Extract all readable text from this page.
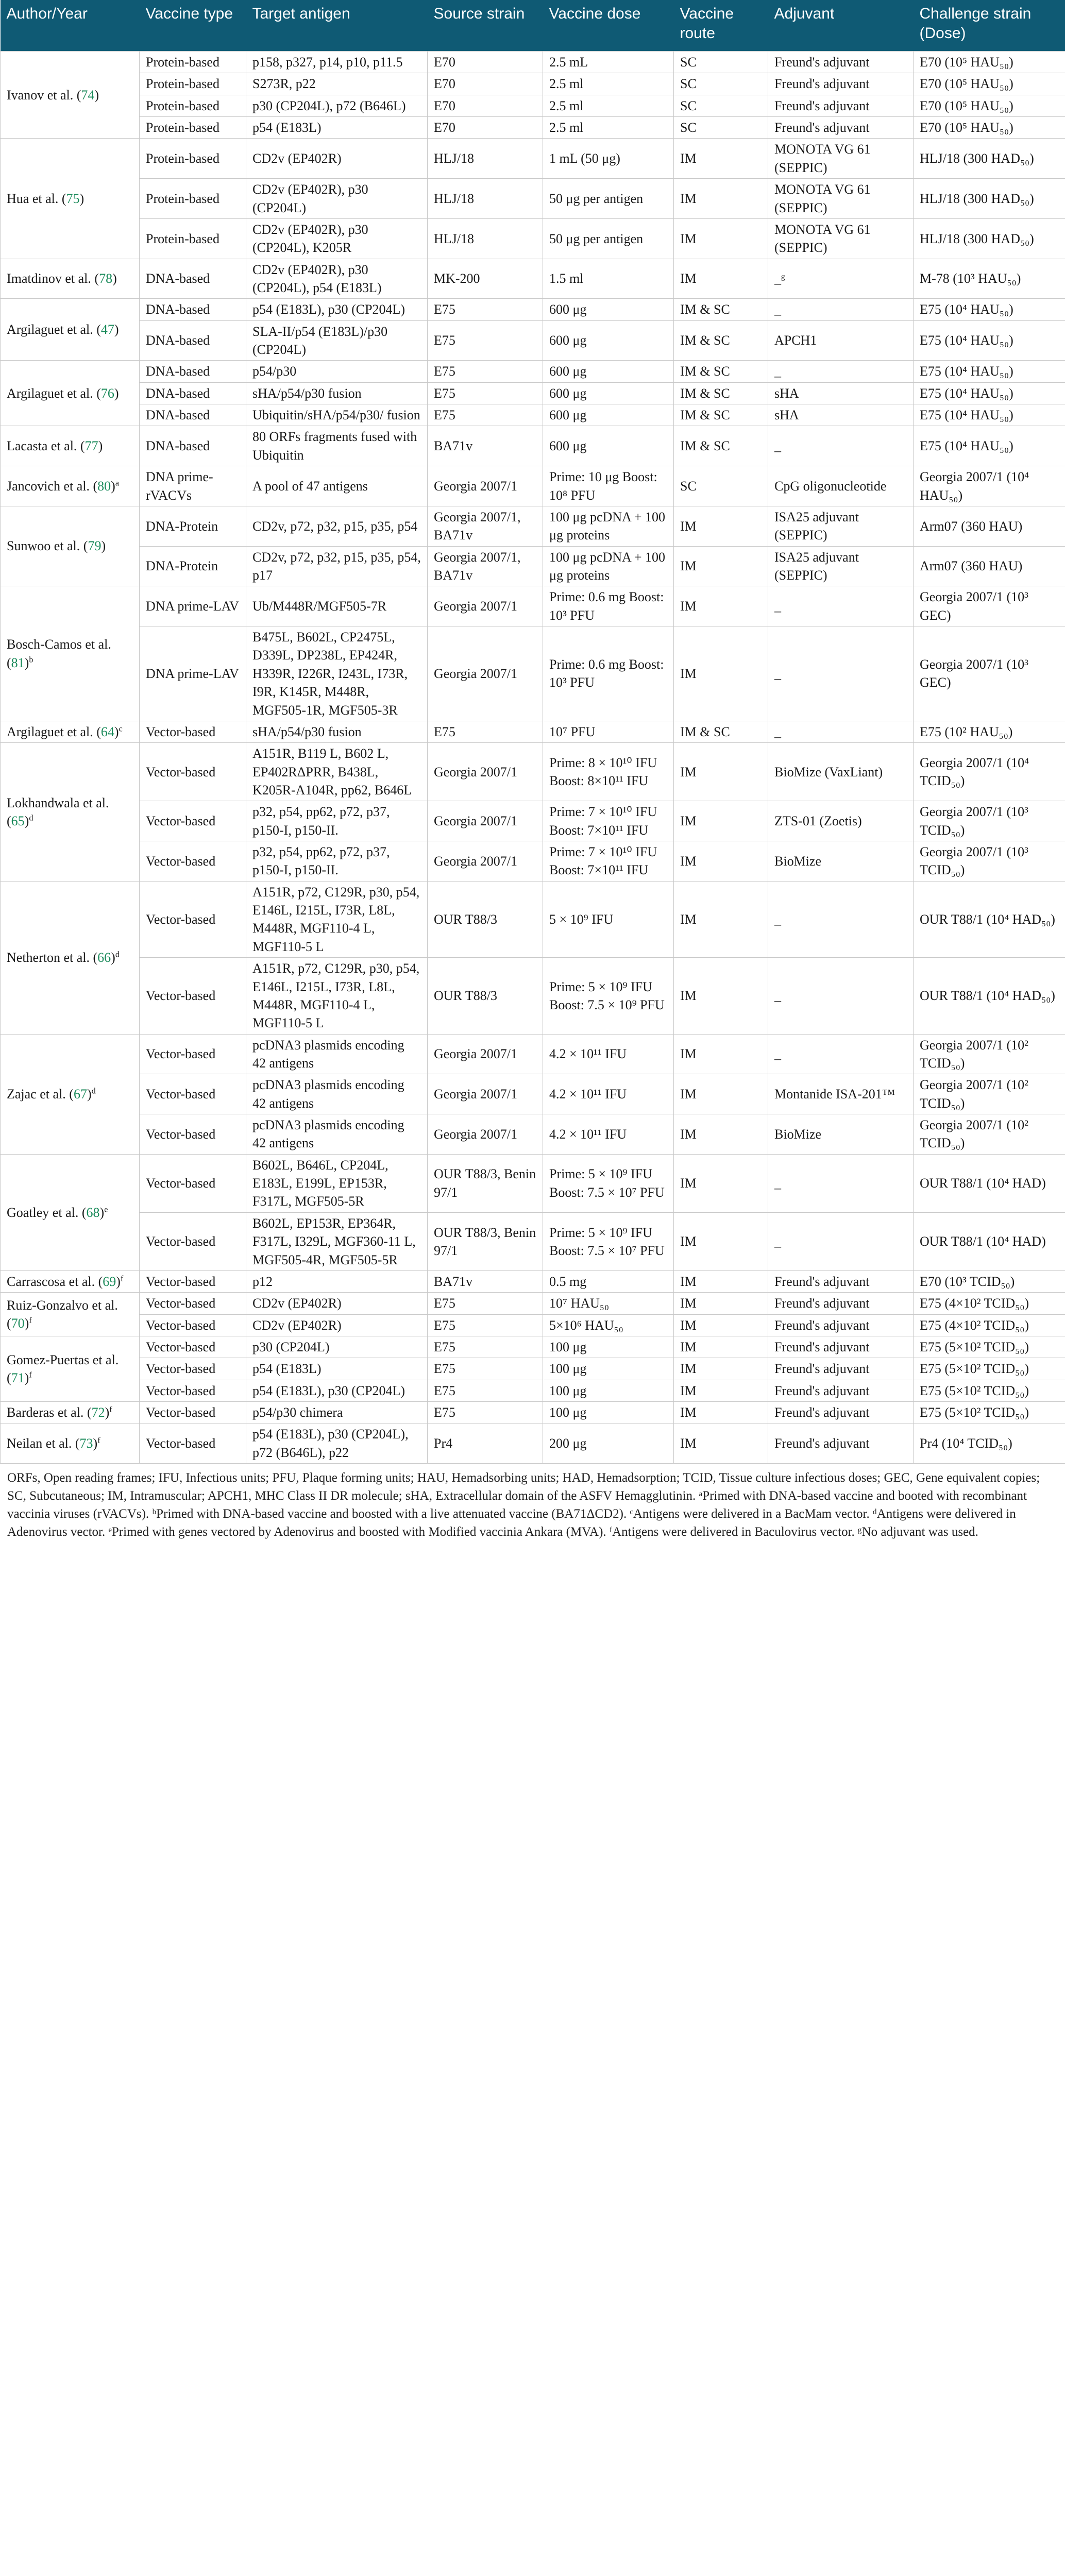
Author/Year	Vaccine type	Target antigen	Source strain	Vaccine dose	Vaccine route	Adjuvant	Challenge strain (Dose)
Ivanov et al. (74)	Protein-based	p158, p327, p14, p10, p11.5	E70	2.5 mL	SC	Freund's adjuvant	E70 (10⁵ HAU₅₀)
	Protein-based	S273R, p22	E70	2.5 ml	SC	Freund's adjuvant	E70 (10⁵ HAU₅₀)
	Protein-based	p30 (CP204L), p72 (B646L)	E70	2.5 ml	SC	Freund's adjuvant	E70 (10⁵ HAU₅₀)
	Protein-based	p54 (E183L)	E70	2.5 ml	SC	Freund's adjuvant	E70 (10⁵ HAU₅₀)
Hua et al. (75)	Protein-based	CD2v (EP402R)	HLJ/18	1 mL (50 μg)	IM	MONOTA VG 61 (SEPPIC)	HLJ/18 (300 HAD₅₀)
	Protein-based	CD2v (EP402R), p30 (CP204L)	HLJ/18	50 μg per antigen	IM	MONOTA VG 61 (SEPPIC)	HLJ/18 (300 HAD₅₀)
	Protein-based	CD2v (EP402R), p30 (CP204L), K205R	HLJ/18	50 μg per antigen	IM	MONOTA VG 61 (SEPPIC)	HLJ/18 (300 HAD₅₀)
Imatdinov et al. (78)	DNA-based	CD2v (EP402R), p30 (CP204L), p54 (E183L)	MK-200	1.5 ml	IM	_ᵍ	M-78 (10³ HAU₅₀)
Argilaguet et al. (47)	DNA-based	p54 (E183L), p30 (CP204L)	E75	600 μg	IM & SC	_	E75 (10⁴ HAU₅₀)
	DNA-based	SLA-II/p54 (E183L)/p30 (CP204L)	E75	600 μg	IM & SC	APCH1	E75 (10⁴ HAU₅₀)
Argilaguet et al. (76)	DNA-based	p54/p30	E75	600 μg	IM & SC	_	E75 (10⁴ HAU₅₀)
	DNA-based	sHA/p54/p30 fusion	E75	600 μg	IM & SC	sHA	E75 (10⁴ HAU₅₀)
	DNA-based	Ubiquitin/sHA/p54/p30/ fusion	E75	600 μg	IM & SC	sHA	E75 (10⁴ HAU₅₀)
Lacasta et al. (77)	DNA-based	80 ORFs fragments fused with Ubiquitin	BA71v	600 μg	IM & SC	_	E75 (10⁴ HAU₅₀)
Jancovich et al. $(80)^a$	DNA prime-rVACVs	A pool of 47 antigens	Georgia 2007/1	Prime: 10 μg Boost: 10⁸ PFU	SC	CpG oligonucleotide	Georgia 2007/1 (10⁴ HAU₅₀)
Sunwoo et al. (79)	DNA-Protein	CD2v, p72, p32, p15, p35, p54	Georgia 2007/1, BA71v	100 μg pcDNA + 100 μg proteins	IM	ISA25 adjuvant (SEPPIC)	Arm07 (360 HAU)
	DNA-Protein	CD2v, p72, p32, p15, p35, p54, p17	Georgia 2007/1, BA71v	100 μg pcDNA + 100 μg proteins	IM	ISA25 adjuvant (SEPPIC)	Arm07 (360 HAU)
Bosch-Camos et al. $(81)^b$	DNA prime-LAV	Ub/M448R/MGF505-7R	Georgia 2007/1	Prime: 0.6 mg Boost: 10³ PFU	IM	_	Georgia 2007/1 (10³ GEC)
	DNA prime-LAV	B475L, B602L, CP2475L, D339L, DP238L, EP424R, H339R, I226R, I243L, I73R, I9R, K145R, M448R, MGF505-1R, MGF505-3R	Georgia 2007/1	Prime: 0.6 mg Boost: 10³ PFU	IM	_	Georgia 2007/1 (10³ GEC)
Argilaguet et al. $(64)^c$	Vector-based	sHA/p54/p30 fusion	E75	10⁷ PFU	IM & SC	_	E75 (10² HAU₅₀)
Lokhandwala et al. $(65)^d$	Vector-based	A151R, B119 L, B602 L, EP402RΔPRR, B438L, K205R-A104R, pp62, B646L	Georgia 2007/1	Prime: 8 × 10¹⁰ IFU Boost: 8×10¹¹ IFU	IM	BioMize (VaxLiant)	Georgia 2007/1 (10⁴ TCID₅₀)
	Vector-based	p32, p54, pp62, p72, p37, p150-I, p150-II.	Georgia 2007/1	Prime: 7 × 10¹⁰ IFU Boost: 7×10¹¹ IFU	IM	ZTS-01 (Zoetis)	Georgia 2007/1 (10³ TCID₅₀)
	Vector-based	p32, p54, pp62, p72, p37, p150-I, p150-II.	Georgia 2007/1	Prime: 7 × 10¹⁰ IFU Boost: 7×10¹¹ IFU	IM	BioMize	Georgia 2007/1 (10³ TCID₅₀)
Netherton et al. $(66)^d$	Vector-based	A151R, p72, C129R, p30, p54, E146L, I215L, I73R, L8L, M448R, MGF110-4 L, MGF110-5 L	OUR T88/3	5 × 10⁹ IFU	IM	_	OUR T88/1 (10⁴ HAD₅₀)
	Vector-based	A151R, p72, C129R, p30, p54, E146L, I215L, I73R, L8L, M448R, MGF110-4 L, MGF110-5 L	OUR T88/3	Prime: 5 × 10⁹ IFU Boost: 7.5 × 10⁹ PFU	IM	_	OUR T88/1 (10⁴ HAD₅₀)
Zajac et al. $(67)^d$	Vector-based	pcDNA3 plasmids encoding 42 antigens	Georgia 2007/1	4.2 × 10¹¹ IFU	IM	_	Georgia 2007/1 (10² TCID₅₀)
	Vector-based	pcDNA3 plasmids encoding 42 antigens	Georgia 2007/1	4.2 × 10¹¹ IFU	IM	Montanide ISA-201™	Georgia 2007/1 (10² TCID₅₀)
	Vector-based	pcDNA3 plasmids encoding 42 antigens	Georgia 2007/1	4.2 × 10¹¹ IFU	IM	BioMize	Georgia 2007/1 (10² TCID₅₀)
Goatley et al. $(68)^e$	Vector-based	B602L, B646L, CP204L, E183L, E199L, EP153R, F317L, MGF505-5R	OUR T88/3, Benin 97/1	Prime: 5 × 10⁹ IFU Boost: 7.5 × 10⁷ PFU	IM	_	OUR T88/1 (10⁴ HAD)
	Vector-based	B602L, EP153R, EP364R, F317L, I329L, MGF360-11 L, MGF505-4R, MGF505-5R	OUR T88/3, Benin 97/1	Prime: 5 × 10⁹ IFU Boost: 7.5 × 10⁷ PFU	IM	_	OUR T88/1 (10⁴ HAD)
Carrascosa et al. $(69)^f$	Vector-based	p12	BA71v	0.5 mg	IM	Freund's adjuvant	E70 (10³ TCID₅₀)
Ruiz-Gonzalvo et al. $(70)^f$	Vector-based	CD2v (EP402R)	E75	10⁷ HAU₅₀	IM	Freund's adjuvant	E75 (4×10² TCID₅₀)
	Vector-based	CD2v (EP402R)	E75	5×10⁶ HAU₅₀	IM	Freund's adjuvant	E75 (4×10² TCID₅₀)
Gomez-Puertas et al. $(71)^f$	Vector-based	p30 (CP204L)	E75	100 μg	IM	Freund's adjuvant	E75 (5×10² TCID₅₀)
	Vector-based	p54 (E183L)	E75	100 μg	IM	Freund's adjuvant	E75 (5×10² TCID₅₀)
	Vector-based	p54 (E183L), p30 (CP204L)	E75	100 μg	IM	Freund's adjuvant	E75 (5×10² TCID₅₀)
Barderas et al. $(72)^f$	Vector-based	p54/p30 chimera	E75	100 μg	IM	Freund's adjuvant	E75 (5×10² TCID₅₀)
Neilan et al. $(73)^f$	Vector-based	p54 (E183L), p30 (CP204L), p72 (B646L), p22	Pr4	200 μg	IM	Freund's adjuvant	Pr4 (10⁴ TCID₅₀)
ORFs, Open reading frames; IFU, Infectious units; PFU, Plaque forming units; HAU, Hemadsorbing units; HAD, Hemadsorption; TCID, Tissue culture infectious doses; GEC, Gene equivalent copies; SC, Subcutaneous; IM, Intramuscular; APCH1, MHC Class II DR molecule; sHA, Extracellular domain of the ASFV Hemagglutinin. ᵃPrimed with DNA-based vaccine and booted with recombinant vaccinia viruses (rVACVs). ᵇPrimed with DNA-based vaccine and boosted with a live attenuated vaccine (BA71ΔCD2). ᶜAntigens were delivered in a BacMam vector. ᵈAntigens were delivered in Adenovirus vector. ᵉPrimed with genes vectored by Adenovirus and boosted with Modified vaccinia Ankara (MVA). ᶠAntigens were delivered in Baculovirus vector. ᵍNo adjuvant was used.
